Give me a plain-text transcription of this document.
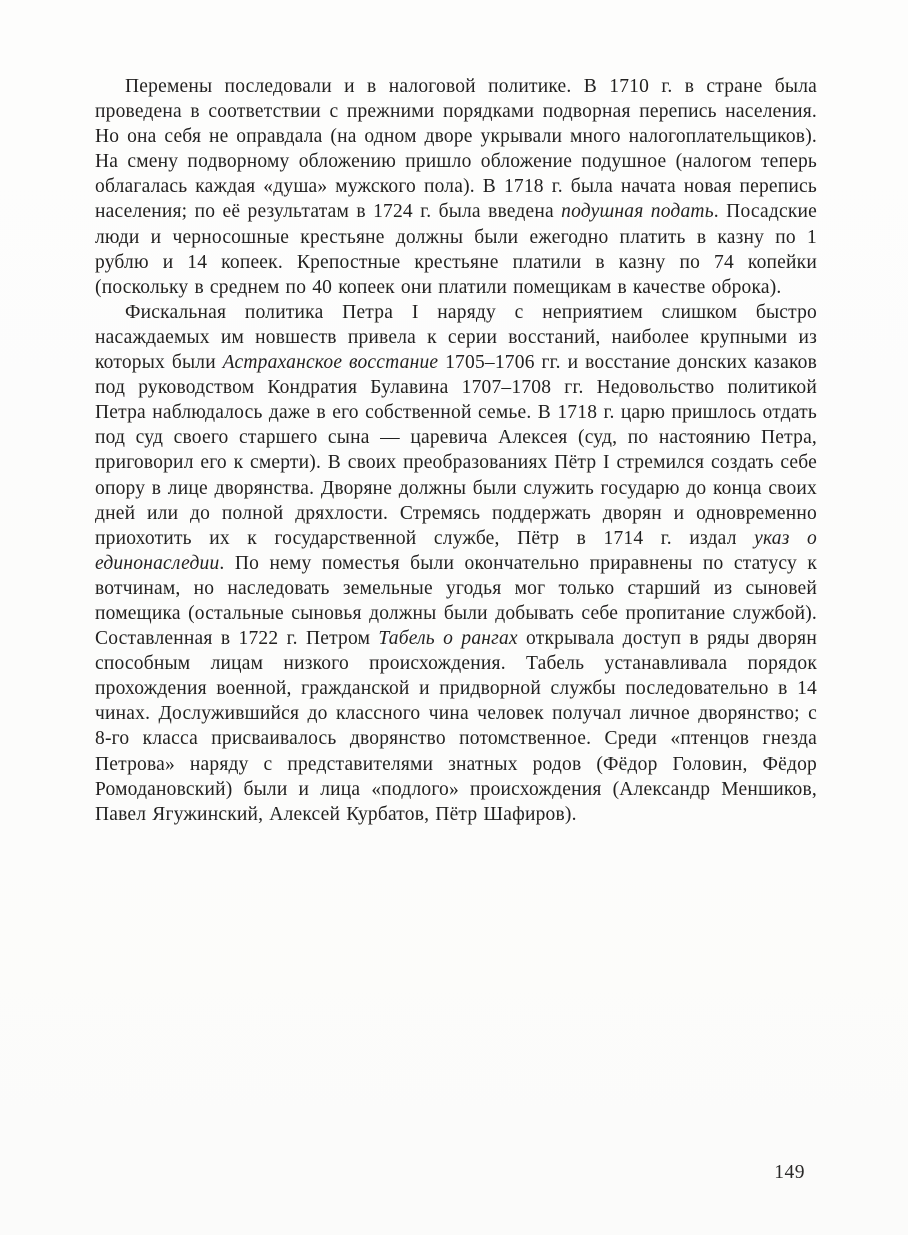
Перемены последовали и в налоговой политике. В 1710 г. в стране была проведена в соответствии с прежними порядками подворная перепись населения. Но она себя не оправдала (на одном дворе укрывали много налогоплательщиков). На смену подворному обложению пришло обложение подушное (налогом теперь облагалась каждая «душа» мужского пола). В 1718 г. была начата новая перепись населения; по её результатам в 1724 г. была введена подушная подать. Посадские люди и черносошные крестьяне должны были ежегодно платить в казну по 1 рублю и 14 копеек. Крепостные крестьяне платили в казну по 74 копейки (поскольку в среднем по 40 копеек они платили помещикам в качестве оброка).

Фискальная политика Петра I наряду с неприятием слишком быстро насаждаемых им новшеств привела к серии восстаний, наиболее крупными из которых были Астраханское восстание 1705–1706 гг. и восстание донских казаков под руководством Кондратия Булавина 1707–1708 гг. Недовольство политикой Петра наблюдалось даже в его собственной семье. В 1718 г. царю пришлось отдать под суд своего старшего сына — царевича Алексея (суд, по настоянию Петра, приговорил его к смерти). В своих преобразованиях Пётр I стремился создать себе опору в лице дворянства. Дворяне должны были служить государю до конца своих дней или до полной дряхлости. Стремясь поддержать дворян и одновременно приохотить их к государственной службе, Пётр в 1714 г. издал указ о единонаследии. По нему поместья были окончательно приравнены по статусу к вотчинам, но наследовать земельные угодья мог только старший из сыновей помещика (остальные сыновья должны были добывать себе пропитание службой). Составленная в 1722 г. Петром Табель о рангах открывала доступ в ряды дворян способным лицам низкого происхождения. Табель устанавливала порядок прохождения военной, гражданской и придворной службы последовательно в 14 чинах. Дослужившийся до классного чина человек получал личное дворянство; с 8-го класса присваивалось дворянство потомственное. Среди «птенцов гнезда Петрова» наряду с представителями знатных родов (Фёдор Головин, Фёдор Ромодановский) были и лица «подлого» происхождения (Александр Меншиков, Павел Ягужинский, Алексей Курбатов, Пётр Шафиров).

149
